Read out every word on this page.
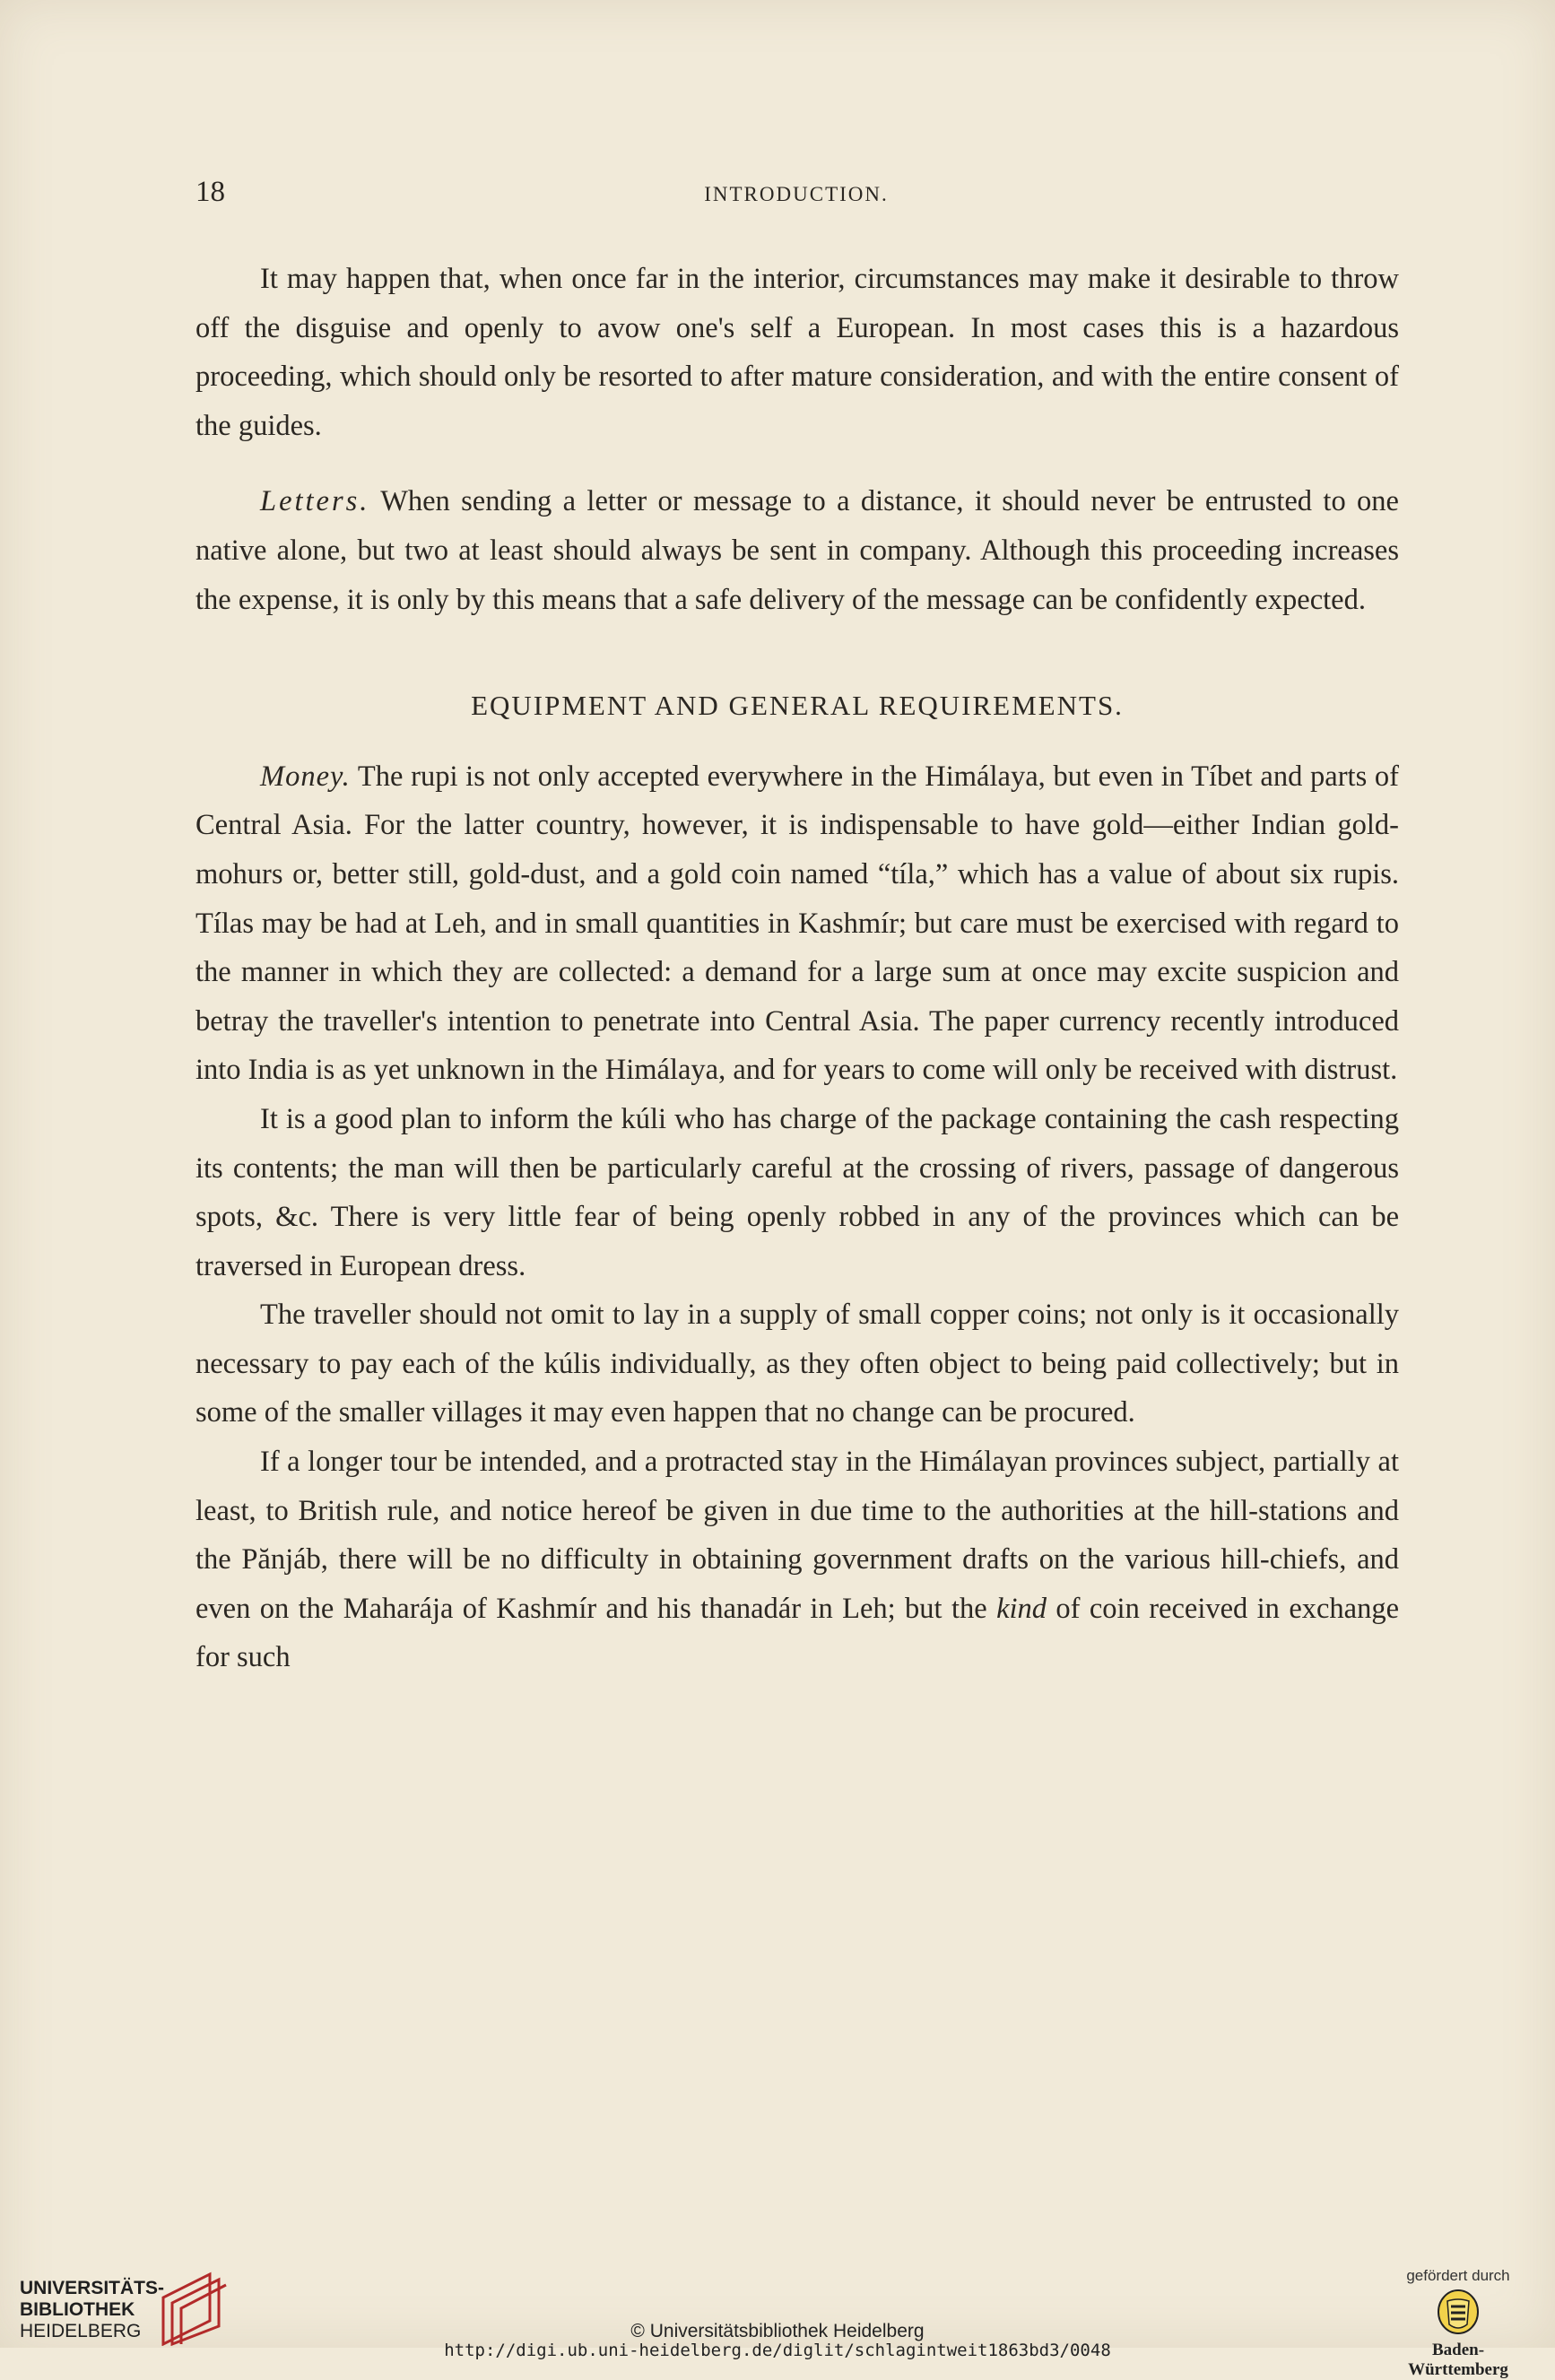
18	INTRODUCTION.

It may happen that, when once far in the interior, circumstances may make it desirable to throw off the disguise and openly to avow one's self a European. In most cases this is a hazardous proceeding, which should only be resorted to after mature consideration, and with the entire consent of the guides.

Letters. When sending a letter or message to a distance, it should never be entrusted to one native alone, but two at least should always be sent in company. Although this proceeding increases the expense, it is only by this means that a safe delivery of the message can be confidently expected.

EQUIPMENT AND GENERAL REQUIREMENTS.

Money. The rupi is not only accepted everywhere in the Himálaya, but even in Tíbet and parts of Central Asia. For the latter country, however, it is indispensable to have gold—either Indian gold-mohurs or, better still, gold-dust, and a gold coin named “tíla,” which has a value of about six rupis. Tílas may be had at Leh, and in small quantities in Kashmír; but care must be exercised with regard to the manner in which they are collected: a demand for a large sum at once may excite suspicion and betray the traveller's intention to penetrate into Central Asia. The paper currency recently introduced into India is as yet unknown in the Himálaya, and for years to come will only be received with distrust.

It is a good plan to inform the kúli who has charge of the package containing the cash respecting its contents; the man will then be particularly careful at the crossing of rivers, passage of dangerous spots, &c. There is very little fear of being openly robbed in any of the provinces which can be traversed in European dress.

The traveller should not omit to lay in a supply of small copper coins; not only is it occasionally necessary to pay each of the kúlis individually, as they often object to being paid collectively; but in some of the smaller villages it may even happen that no change can be procured.

If a longer tour be intended, and a protracted stay in the Himálayan provinces subject, partially at least, to British rule, and notice hereof be given in due time to the authorities at the hill-stations and the Pănjáb, there will be no difficulty in obtaining government drafts on the various hill-chiefs, and even on the Maharája of Kashmír and his thanadár in Leh; but the kind of coin received in exchange for such

UNIVERSITÄTS-
BIBLIOTHEK
HEIDELBERG	© Universitätsbibliothek Heidelberg
http://digi.ub.uni-heidelberg.de/diglit/schlagintweit1863bd3/0048
gefördert durch
Baden-Württemberg
